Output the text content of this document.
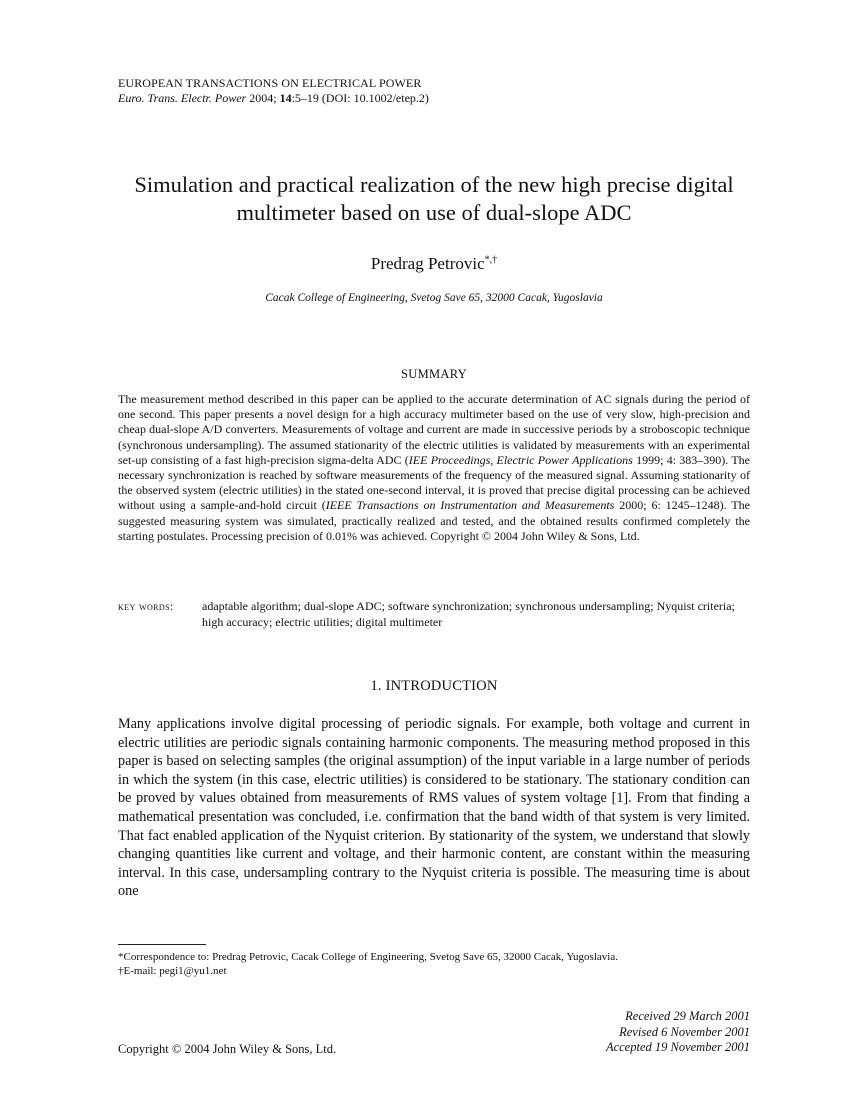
EUROPEAN TRANSACTIONS ON ELECTRICAL POWER
Euro. Trans. Electr. Power 2004; 14:5–19 (DOI: 10.1002/etep.2)
Simulation and practical realization of the new high precise digital multimeter based on use of dual-slope ADC
Predrag Petrovic*,†
Cacak College of Engineering, Svetog Save 65, 32000 Cacak, Yugoslavia
SUMMARY
The measurement method described in this paper can be applied to the accurate determination of AC signals during the period of one second. This paper presents a novel design for a high accuracy multimeter based on the use of very slow, high-precision and cheap dual-slope A/D converters. Measurements of voltage and current are made in successive periods by a stroboscopic technique (synchronous undersampling). The assumed stationarity of the electric utilities is validated by measurements with an experimental set-up consisting of a fast high-precision sigma-delta ADC (IEE Proceedings, Electric Power Applications 1999; 4: 383–390). The necessary synchronization is reached by software measurements of the frequency of the measured signal. Assuming stationarity of the observed system (electric utilities) in the stated one-second interval, it is proved that precise digital processing can be achieved without using a sample-and-hold circuit (IEEE Transactions on Instrumentation and Measurements 2000; 6: 1245–1248). The suggested measuring system was simulated, practically realized and tested, and the obtained results confirmed completely the starting postulates. Processing precision of 0.01% was achieved. Copyright © 2004 John Wiley & Sons, Ltd.
key words:	adaptable algorithm; dual-slope ADC; software synchronization; synchronous undersampling; Nyquist criteria; high accuracy; electric utilities; digital multimeter
1. INTRODUCTION
Many applications involve digital processing of periodic signals. For example, both voltage and current in electric utilities are periodic signals containing harmonic components. The measuring method proposed in this paper is based on selecting samples (the original assumption) of the input variable in a large number of periods in which the system (in this case, electric utilities) is considered to be stationary. The stationary condition can be proved by values obtained from measurements of RMS values of system voltage [1]. From that finding a mathematical presentation was concluded, i.e. confirmation that the band width of that system is very limited. That fact enabled application of the Nyquist criterion. By stationarity of the system, we understand that slowly changing quantities like current and voltage, and their harmonic content, are constant within the measuring interval. In this case, undersampling contrary to the Nyquist criteria is possible. The measuring time is about one
*Correspondence to: Predrag Petrovic, Cacak College of Engineering, Svetog Save 65, 32000 Cacak, Yugoslavia.
†E-mail: pegi1@yu1.net
Received 29 March 2001
Revised 6 November 2001
Accepted 19 November 2001
Copyright © 2004 John Wiley & Sons, Ltd.
